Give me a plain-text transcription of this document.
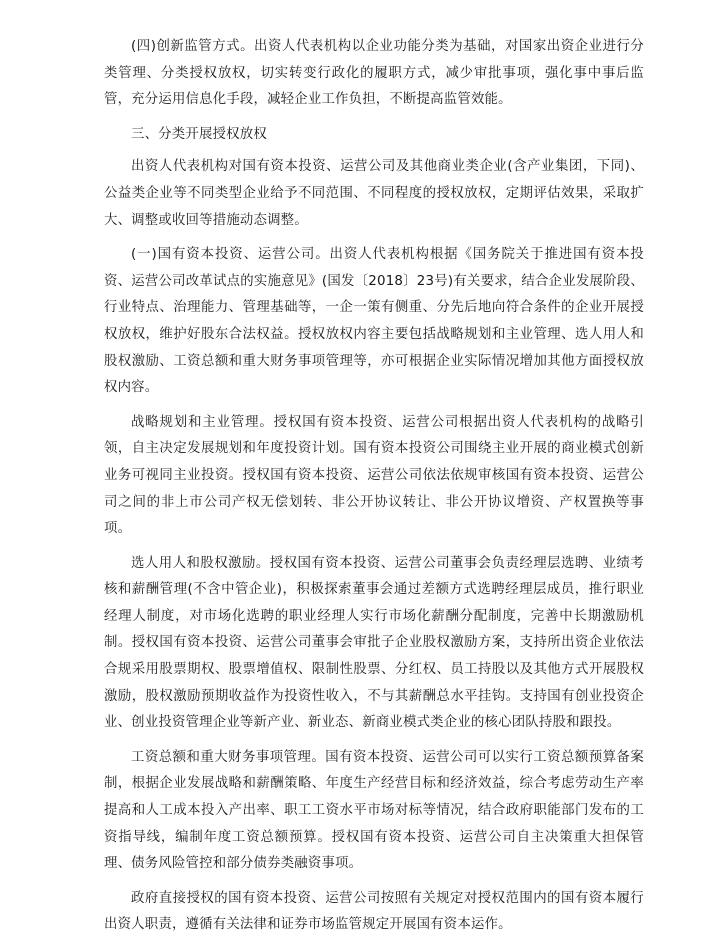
(四)创新监管方式。出资人代表机构以企业功能分类为基础，对国家出资企业进行分类管理、分类授权放权，切实转变行政化的履职方式，减少审批事项，强化事中事后监管，充分运用信息化手段，减轻企业工作负担，不断提高监管效能。

三、分类开展授权放权

出资人代表机构对国有资本投资、运营公司及其他商业类企业(含产业集团，下同)、公益类企业等不同类型企业给予不同范围、不同程度的授权放权，定期评估效果，采取扩大、调整或收回等措施动态调整。

(一)国有资本投资、运营公司。出资人代表机构根据《国务院关于推进国有资本投资、运营公司改革试点的实施意见》(国发〔2018〕23号)有关要求，结合企业发展阶段、行业特点、治理能力、管理基础等，一企一策有侧重、分先后地向符合条件的企业开展授权放权，维护好股东合法权益。授权放权内容主要包括战略规划和主业管理、选人用人和股权激励、工资总额和重大财务事项管理等，亦可根据企业实际情况增加其他方面授权放权内容。

战略规划和主业管理。授权国有资本投资、运营公司根据出资人代表机构的战略引领，自主决定发展规划和年度投资计划。国有资本投资公司围绕主业开展的商业模式创新业务可视同主业投资。授权国有资本投资、运营公司依法依规审核国有资本投资、运营公司之间的非上市公司产权无偿划转、非公开协议转让、非公开协议增资、产权置换等事项。

选人用人和股权激励。授权国有资本投资、运营公司董事会负责经理层选聘、业绩考核和薪酬管理(不含中管企业)，积极探索董事会通过差额方式选聘经理层成员，推行职业经理人制度，对市场化选聘的职业经理人实行市场化薪酬分配制度，完善中长期激励机制。授权国有资本投资、运营公司董事会审批子企业股权激励方案，支持所出资企业依法合规采用股票期权、股票增值权、限制性股票、分红权、员工持股以及其他方式开展股权激励，股权激励预期收益作为投资性收入，不与其薪酬总水平挂钩。支持国有创业投资企业、创业投资管理企业等新产业、新业态、新商业模式类企业的核心团队持股和跟投。

工资总额和重大财务事项管理。国有资本投资、运营公司可以实行工资总额预算备案制，根据企业发展战略和薪酬策略、年度生产经营目标和经济效益，综合考虑劳动生产率提高和人工成本投入产出率、职工工资水平市场对标等情况，结合政府职能部门发布的工资指导线，编制年度工资总额预算。授权国有资本投资、运营公司自主决策重大担保管理、债务风险管控和部分债券类融资事项。

政府直接授权的国有资本投资、运营公司按照有关规定对授权范围内的国有资本履行出资人职责，遵循有关法律和证券市场监管规定开展国有资本运作。
